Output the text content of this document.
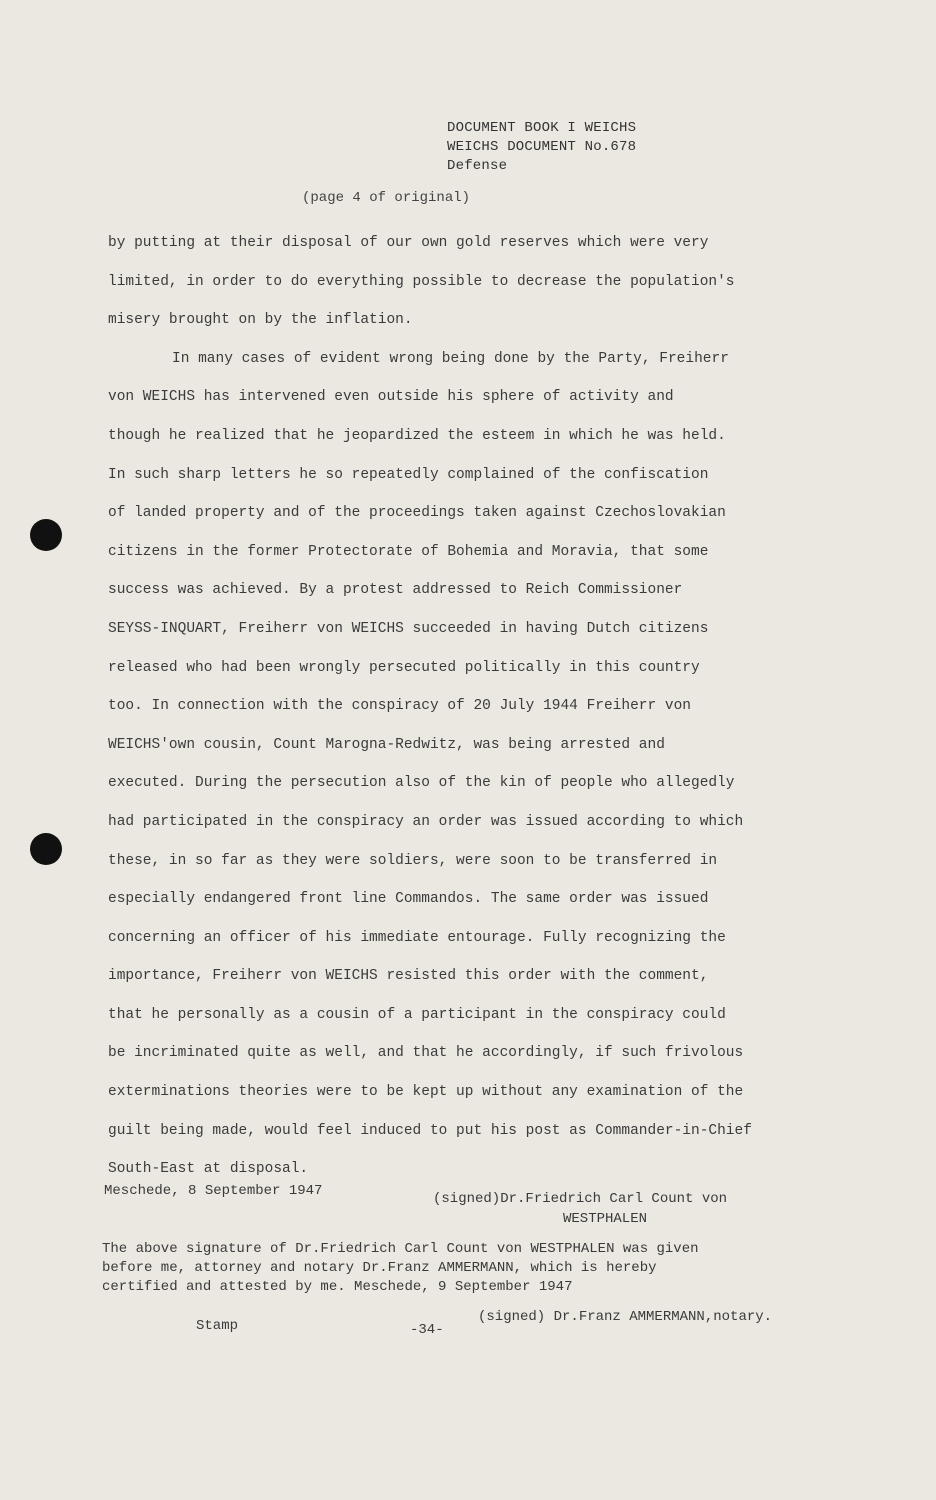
DOCUMENT BOOK I WEICHS
WEICHS DOCUMENT No.678
Defense
(page 4 of original)
by putting at their disposal of our own gold reserves which were very
limited, in order to do everything possible to decrease the population's
misery brought on by the inflation.
In many cases of evident wrong being done by the Party, Freiherr
von WEICHS has intervened even outside his sphere of activity and
though he realized that he jeopardized the esteem in which he was held.
In such sharp letters he so repeatedly complained of the confiscation
of landed property and of the proceedings taken against Czechoslovakian
citizens in the former Protectorate of Bohemia and Moravia, that some
success was achieved. By a protest addressed to Reich Commissioner
SEYSS-INQUART, Freiherr von WEICHS succeeded in having Dutch citizens
released who had been wrongly persecuted politically in this country
too. In connection with the conspiracy of 20 July 1944 Freiherr von
WEICHS'own cousin, Count Marogna-Redwitz, was being arrested and
executed. During the persecution also of the kin of people who allegedly
had participated in the conspiracy an order was issued according to which
these, in so far as they were soldiers, were soon to be transferred in
especially endangered front line Commandos. The same order was issued
concerning an officer of his immediate entourage. Fully recognizing the
importance, Freiherr von WEICHS resisted this order with the comment,
that he personally as a cousin of a participant in the conspiracy could
be incriminated quite as well, and that he accordingly, if such frivolous
exterminations theories were to be kept up without any examination of the
guilt being made, would feel induced to put his post as Commander-in-Chief
South-East at disposal.
Meschede, 8 September 1947	(signed)Dr.Friedrich Carl Count von
WESTPHALEN
The above signature of Dr.Friedrich Carl Count von WESTPHALEN was given
before me, attorney and notary Dr.Franz AMMERMANN, which is hereby
certified and attested by me. Meschede, 9 September 1947
(signed) Dr.Franz AMMERMANN,notary.
Stamp	-34-
